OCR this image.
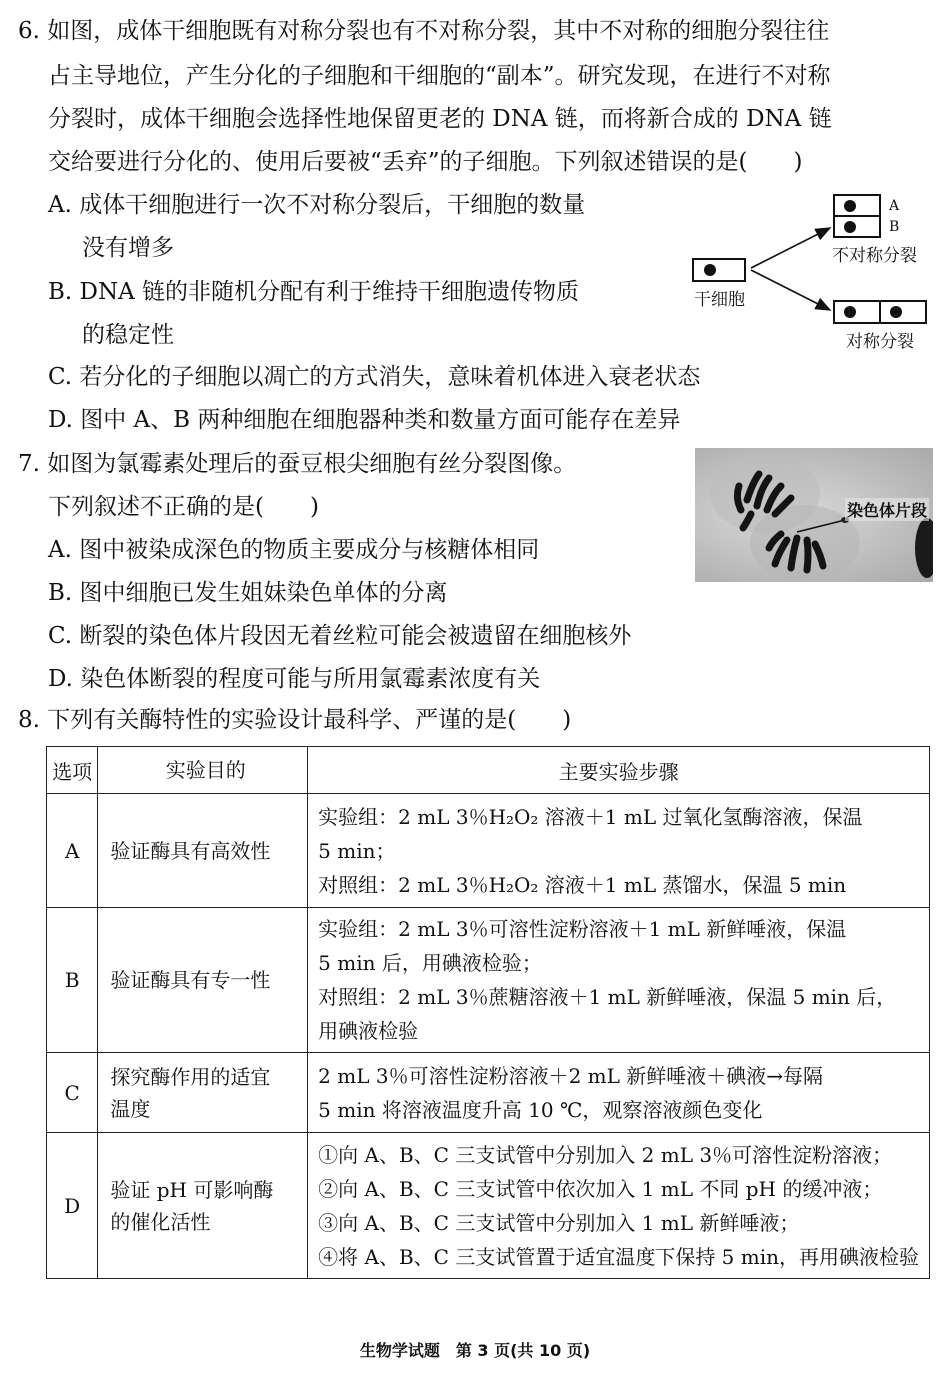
6. 如图，成体干细胞既有对称分裂也有不对称分裂，其中不对称的细胞分裂往往
占主导地位，产生分化的子细胞和干细胞的“副本”。研究发现，在进行不对称
分裂时，成体干细胞会选择性地保留更老的 DNA 链，而将新合成的 DNA 链
交给要进行分化的、使用后要被“丢弃”的子细胞。下列叙述错误的是(　　)
A. 成体干细胞进行一次不对称分裂后，干细胞的数量
没有增多
B. DNA 链的非随机分配有利于维持干细胞遗传物质
的稳定性
C. 若分化的子细胞以凋亡的方式消失，意味着机体进入衰老状态
D. 图中 A、B 两种细胞在细胞器种类和数量方面可能存在差异
干细胞
A
B
不对称分裂
对称分裂
7. 如图为氯霉素处理后的蚕豆根尖细胞有丝分裂图像。
下列叙述不正确的是(　　)
A. 图中被染成深色的物质主要成分与核糖体相同
B. 图中细胞已发生姐妹染色单体的分离
C. 断裂的染色体片段因无着丝粒可能会被遗留在细胞核外
D. 染色体断裂的程度可能与所用氯霉素浓度有关
染色体片段
8. 下列有关酶特性的实验设计最科学、严谨的是(　　)
选项	实验目的	主要实验步骤
A	验证酶具有高效性	实验组：2 mL 3％H₂O₂ 溶液＋1 mL 过氧化氢酶溶液，保温
5 min；
对照组：2 mL 3％H₂O₂ 溶液＋1 mL 蒸馏水，保温 5 min

B	验证酶具有专一性	实验组：2 mL 3％可溶性淀粉溶液＋1 mL 新鲜唾液，保温
5 min 后，用碘液检验；
对照组：2 mL 3％蔗糖溶液＋1 mL 新鲜唾液，保温 5 min 后，
用碘液检验

C	探究酶作用的适宜
温度	2 mL 3％可溶性淀粉溶液＋2 mL 新鲜唾液＋碘液→每隔
5 min 将溶液温度升高 10 ℃，观察溶液颜色变化

D	验证 pH 可影响酶
的催化活性	①向 A、B、C 三支试管中分别加入 2 mL 3％可溶性淀粉溶液；
②向 A、B、C 三支试管中依次加入 1 mL 不同 pH 的缓冲液；
③向 A、B、C 三支试管中分别加入 1 mL 新鲜唾液；
④将 A、B、C 三支试管置于适宜温度下保持 5 min，再用碘液检验
生物学试题　第 3 页(共 10 页)
